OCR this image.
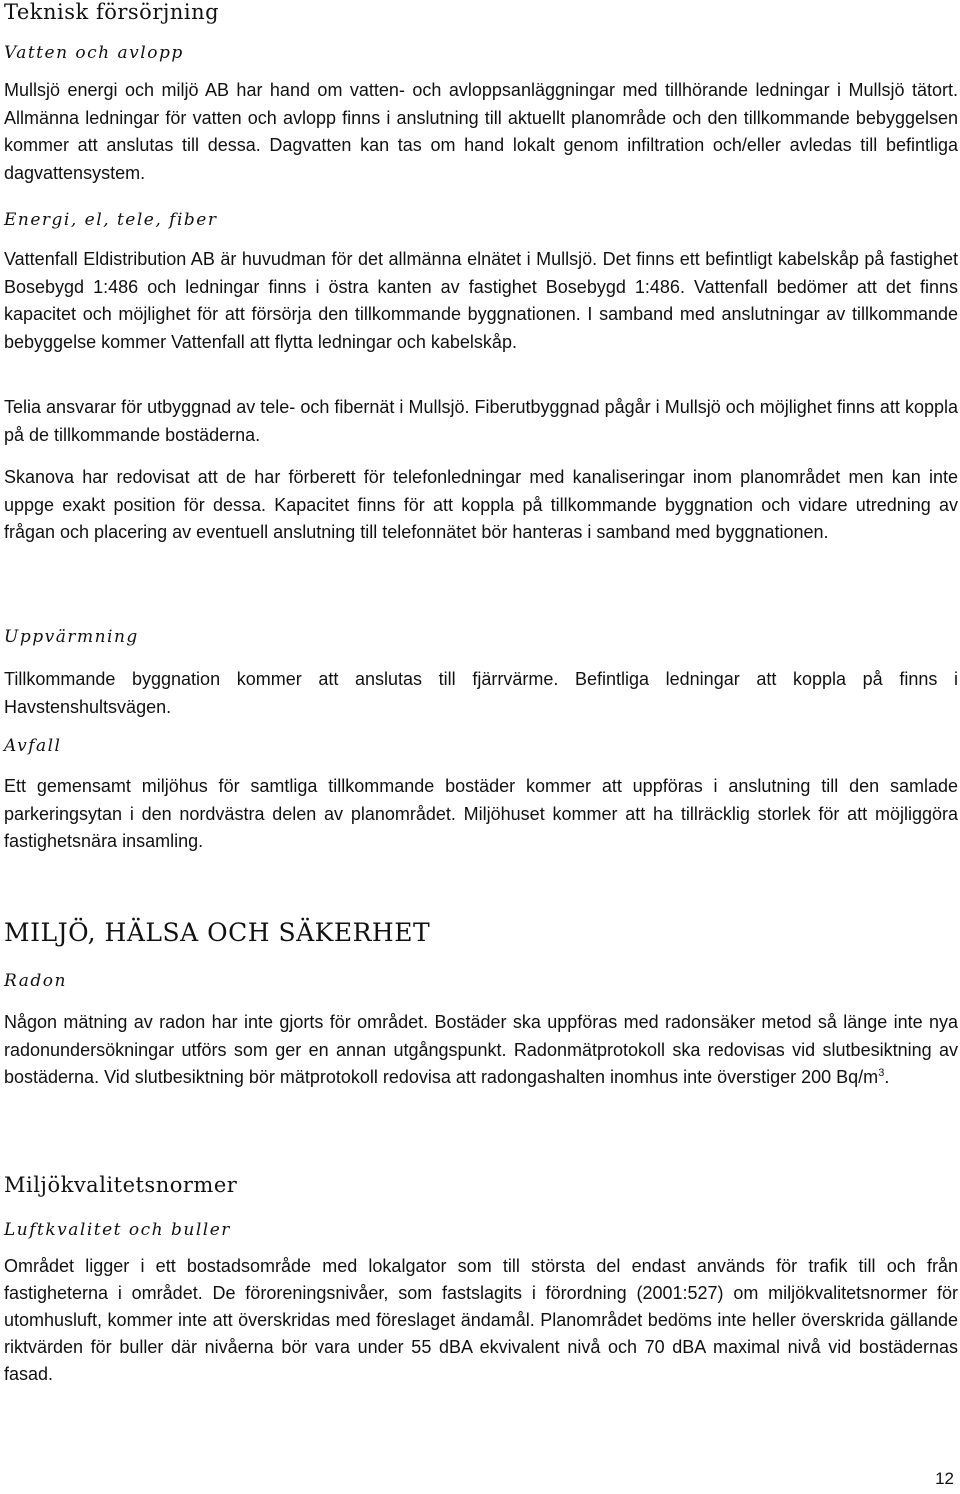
Teknisk försörjning
Vatten och avlopp

Mullsjö energi och miljö AB har hand om vatten- och avloppsanläggningar med tillhörande ledningar i Mullsjö tätort. Allmänna ledningar för vatten och avlopp finns i anslutning till aktuellt planområde och den tillkommande bebyggelsen kommer att anslutas till dessa. Dagvatten kan tas om hand lokalt genom infiltration och/eller avledas till befintliga dagvattensystem.

Energi, el, tele, fiber

Vattenfall Eldistribution AB är huvudman för det allmänna elnätet i Mullsjö. Det finns ett befintligt kabelskåp på fastighet Bosebygd 1:486 och ledningar finns i östra kanten av fastighet Bosebygd 1:486. Vattenfall bedömer att det finns kapacitet och möjlighet för att försörja den tillkommande byggnationen. I samband med anslutningar av tillkommande bebyggelse kommer Vattenfall att flytta ledningar och kabelskåp.

Telia ansvarar för utbyggnad av tele- och fibernät i Mullsjö. Fiberutbyggnad pågår i Mullsjö och möjlighet finns att koppla på de tillkommande bostäderna.

Skanova har redovisat att de har förberett för telefonledningar med kanaliseringar inom planområdet men kan inte uppge exakt position för dessa. Kapacitet finns för att koppla på tillkommande byggnation och vidare utredning av frågan och placering av eventuell anslutning till telefonnätet bör hanteras i samband med byggnationen.

Uppvärmning

Tillkommande byggnation kommer att anslutas till fjärrvärme. Befintliga ledningar att koppla på finns i Havstenshultsvägen.

Avfall

Ett gemensamt miljöhus för samtliga tillkommande bostäder kommer att uppföras i anslutning till den samlade parkeringsytan i den nordvästra delen av planområdet. Miljöhuset kommer att ha tillräcklig storlek för att möjliggöra fastighetsnära insamling.

MILJÖ, HÄLSA OCH SÄKERHET
Radon

Någon mätning av radon har inte gjorts för området. Bostäder ska uppföras med radonsäker metod så länge inte nya radonundersökningar utförs som ger en annan utgångspunkt. Radonmätprotokoll ska redovisas vid slutbesiktning av bostäderna. Vid slutbesiktning bör mätprotokoll redovisa att radongashalten inomhus inte överstiger 200 $Bq/m^3$.

Miljökvalitetsnormer
Luftkvalitet och buller

Området ligger i ett bostadsområde med lokalgator som till största del endast används för trafik till och från fastigheterna i området. De föroreningsnivåer, som fastslagits i förordning (2001:527) om miljökvalitetsnormer för utomhusluft, kommer inte att överskridas med föreslaget ändamål. Planområdet bedöms inte heller överskrida gällande riktvärden för buller där nivåerna bör vara under 55 dBA ekvivalent nivå och 70 dBA maximal nivå vid bostädernas fasad.

12
